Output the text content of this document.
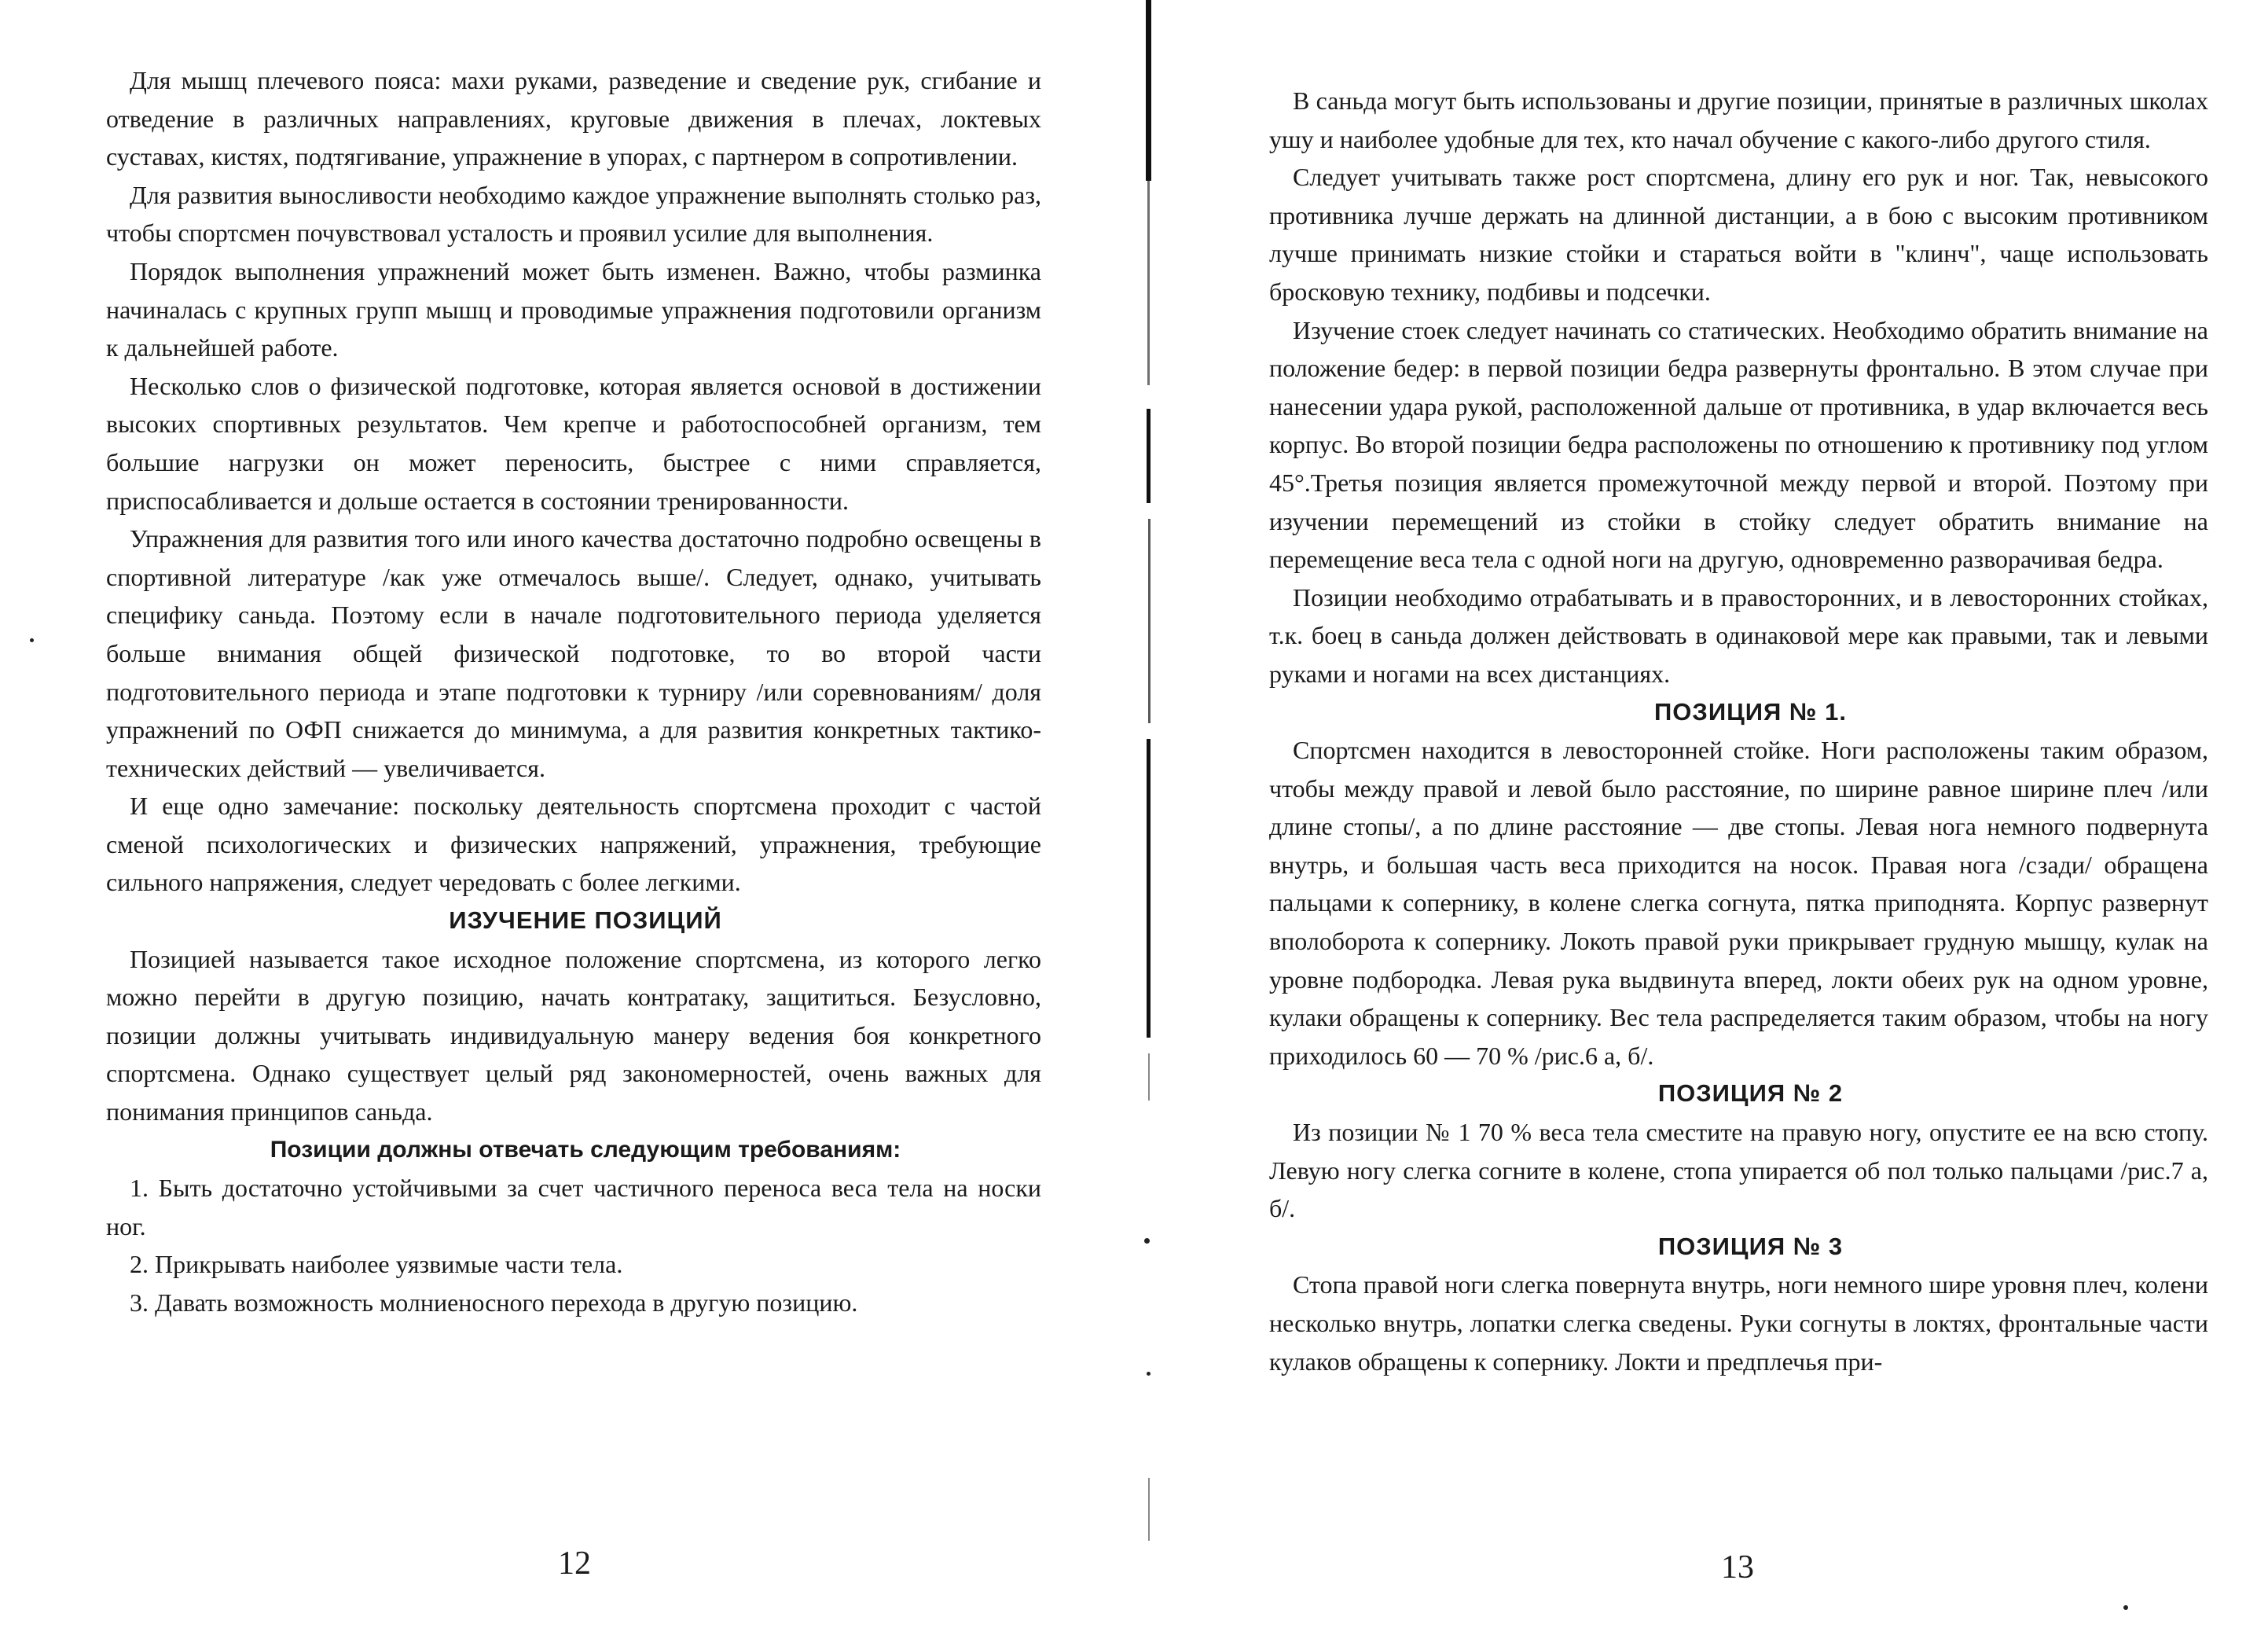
Для мышц плечевого пояса: махи руками, разведение и сведение рук, сгибание и отведение в различных направлениях, круговые движения в плечах, локтевых суставах, кистях, подтягивание, упражнение в упорах, с партнером в сопротивлении.

Для развития выносливости необходимо каждое упражнение выполнять столько раз, чтобы спортсмен почувствовал усталость и проявил усилие для выполнения.

Порядок выполнения упражнений может быть изменен. Важно, чтобы разминка начиналась с крупных групп мышц и проводимые упражнения подготовили организм к дальнейшей работе.

Несколько слов о физической подготовке, которая является основой в достижении высоких спортивных результатов. Чем крепче и работоспособней организм, тем большие нагрузки он может переносить, быстрее с ними справляется, приспосабливается и дольше остается в состоянии тренированности.

Упражнения для развития того или иного качества достаточно подробно освещены в спортивной литературе /как уже отмечалось выше/. Следует, однако, учитывать специфику саньда. Поэтому если в начале подготовительного периода уделяется больше внимания общей физической подготовке, то во второй части подготовительного периода и этапе подготовки к турниру /или соревнованиям/ доля упражнений по ОФП снижается до минимума, а для развития конкретных тактико-технических действий — увеличивается.

И еще одно замечание: поскольку деятельность спортсмена проходит с частой сменой психологических и физических напряжений, упражнения, требующие сильного напряжения, следует чередовать с более легкими.

ИЗУЧЕНИЕ ПОЗИЦИЙ

Позицией называется такое исходное положение спортсмена, из которого легко можно перейти в другую позицию, начать контратаку, защититься. Безусловно, позиции должны учитывать индивидуальную манеру ведения боя конкретного спортсмена. Однако существует целый ряд закономерностей, очень важных для понимания принципов саньда.

Позиции должны отвечать следующим требованиям:

1. Быть достаточно устойчивыми за счет частичного переноса веса тела на носки ног.

2. Прикрывать наиболее уязвимые части тела.

3. Давать возможность молниеносного перехода в другую позицию.

12

В саньда могут быть использованы и другие позиции, принятые в различных школах ушу и наиболее удобные для тех, кто начал обучение с какого-либо другого стиля.

Следует учитывать также рост спортсмена, длину его рук и ног. Так, невысокого противника лучше держать на длинной дистанции, а в бою с высоким противником лучше принимать низкие стойки и стараться войти в "клинч", чаще использовать бросковую технику, подбивы и подсечки.

Изучение стоек следует начинать со статических. Необходимо обратить внимание на положение бедер: в первой позиции бедра развернуты фронтально. В этом случае при нанесении удара рукой, расположенной дальше от противника, в удар включается весь корпус. Во второй позиции бедра расположены по отношению к противнику под углом 45°.Третья позиция является промежуточной между первой и второй. Поэтому при изучении перемещений из стойки в стойку следует обратить внимание на перемещение веса тела с одной ноги на другую, одновременно разворачивая бедра.

Позиции необходимо отрабатывать и в правосторонних, и в левосторонних стойках, т.к. боец в саньда должен действовать в одинаковой мере как правыми, так и левыми руками и ногами на всех дистанциях.

ПОЗИЦИЯ № 1.

Спортсмен находится в левосторонней стойке. Ноги расположены таким образом, чтобы между правой и левой было расстояние, по ширине равное ширине плеч /или длине стопы/, а по длине расстояние — две стопы. Левая нога немного подвернута внутрь, и большая часть веса приходится на носок. Правая нога /сзади/ обращена пальцами к сопернику, в колене слегка согнута, пятка приподнята. Корпус развернут вполоборота к сопернику. Локоть правой руки прикрывает грудную мышцу, кулак на уровне подбородка. Левая рука выдвинута вперед, локти обеих рук на одном уровне, кулаки обращены к сопернику. Вес тела распределяется таким образом, чтобы на ногу приходилось 60 — 70 % /рис.6 а, б/.

ПОЗИЦИЯ № 2

Из позиции № 1 70 % веса тела сместите на правую ногу, опустите ее на всю стопу. Левую ногу слегка согните в колене, стопа упирается об пол только пальцами /рис.7 а, б/.

ПОЗИЦИЯ № 3

Стопа правой ноги слегка повернута внутрь, ноги немного шире уровня плеч, колени несколько внутрь, лопатки слегка сведены. Руки согнуты в локтях, фронтальные части кулаков обращены к сопернику. Локти и предплечья при-

13
